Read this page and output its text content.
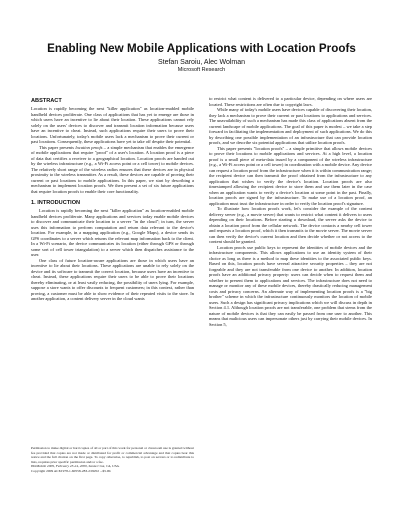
Enabling New Mobile Applications with Location Proofs
Stefan Saroiu, Alec Wolman
Microsoft Research
ABSTRACT

Location is rapidly becoming the next "killer application" as location-enabled mobile handheld devices proliferate. One class of applications that has yet to emerge are those in which users have an incentive to lie about their location. These applications cannot rely solely on the users' devices to discover and transmit location information because users have an incentive to cheat. Instead, such applications require their users to prove their locations. Unfortunately, today's mobile users lack a mechanism to prove their current or past locations. Consequently, these applications have yet to take off despite their potential.

This paper presents location proofs – a simple mechanism that enables the emergence of mobile applications that require "proof" of a user's location. A location proof is a piece of data that certifies a receiver to a geographical location. Location proofs are handed out by the wireless infrastructure (e.g., a Wi-Fi access point or a cell tower) to mobile devices. The relatively short range of the wireless radios ensures that these devices are in physical proximity to the wireless transmitter. As a result, these devices are capable of proving their current or past locations to mobile applications. In this paper, we start by describing a mechanism to implement location proofs. We then present a set of six future applications that require location proofs to enable their core functionality.

1. INTRODUCTION

Location is rapidly becoming the next "killer application" as location-enabled mobile handheld devices proliferate. Many applications and services today enable mobile devices to discover and communicate their location to a server "in the cloud"; in turn, the server uses this information to perform computation and return data relevant to the device's location. For example, in a mapping application (e.g., Google Maps), a device sends its GPS coordinates to a server which returns the relevant map information back to the client. In a Wi-Fi scenario, the device communicates its location (either through GPS or through some sort of cell tower triangulation) to a server which then dispatches assistance to the user.

One class of future location-aware applications are those in which users have an incentive to lie about their locations. These applications are unable to rely solely on the device and its software to transmit the correct location, because users have an incentive to cheat. Instead, these applications require their users to be able to prove their locations thereby eliminating, or at least vastly reducing, the possibility of users lying. For example, suppose a store wants to offer discounts to frequent customers; in this context, rather than proving, a customer must be able to show evidence of their repeated visits to the store. In another application, a content delivery server in the cloud wants

to restrict what content is delivered to a particular device, depending on where users are located. These restrictions are often due to copyright laws.

While many of today's mobile users have devices capable of discovering their location, they lack a mechanism to prove their current or past locations to applications and services. The unavailability of such a mechanism has made this class of applications absent from the current landscape of mobile applications. The goal of this paper is modest – we take a step forward in facilitating the implementation and deployment of such applications. We do this by describing one possible implementation of an infrastructure that can provide location proofs, and we describe six potential applications that utilize location proofs.

This paper presents "location proofs" – a simple primitive that allows mobile devices to prove their locations to mobile applications and services. At a high level, a location proof is a small piece of meta-data issued by a component of the wireless infrastructure (e.g., a Wi-Fi access point or a cell tower) in coordination with a mobile device. Any device can request a location proof from the infrastructure when it is within communication range; the recipient device can then transmit the proof obtained from the infrastructure to any application that wishes to verify the device's location. Location proofs are also timestamped allowing the recipient device to store them and use them later in the case when an application wants to verify a device's location at some point in the past. Finally, location proofs are signed by the infrastructure. To make use of a location proof, an application must trust the infrastructure in order to verify the location proof's signature.

To illustrate how location proofs work, let's consider the example of the content delivery server (e.g., a movie server) that wants to restrict what content it delivers to users depending on their locations. Before starting a download, the server asks the device to obtain a location proof from the cellular network. The device contacts a nearby cell tower and requests a location proof, which it then transmits to the movie server. The movie server can then verify the device's current location and then decide whether or not access to the content should be granted.

Location proofs use public keys to represent the identities of mobile devices and the infrastructure components. This allows applications to use an identity system of their choice as long as there is a method to map these identities to the associated public keys. Based on this, location proofs have several attractive security properties – they are not forgeable and they are not transferable from one device to another. In addition, location proofs have an additional privacy property: users can decide when to request them and whether to present them to applications and services. The infrastructure does not need to manage or monitor any of these mobile devices, thereby drastically reducing management costs and privacy concerns. An alternate way of implementing location proofs is a "big brother" scheme in which the infrastructure continuously monitors the location of mobile users. Such a design has significant privacy implications which we will discuss in depth in Section 4.1. Although location proofs are not transferable, one problem that stems from the nature of mobile devices is that they can easily be passed from one user to another. This means that malicious users can impersonate others just by carrying their mobile devices. In Section 5,

Permission to make digital or hard copies of all or part of this work for personal or classroom use is granted without fee provided that copies are not made or distributed for profit or commercial advantage and that copies bear this notice and the full citation on the first page. To copy otherwise, to republish, to post on servers or to redistribute to lists, requires prior specific permission and/or a fee.
HotMobile 2009, February 23-24, 2009, Santa Cruz, CA, USA.
Copyright 2009 ACM 978-1-60558-283-2/09/02 ...$5.00.
